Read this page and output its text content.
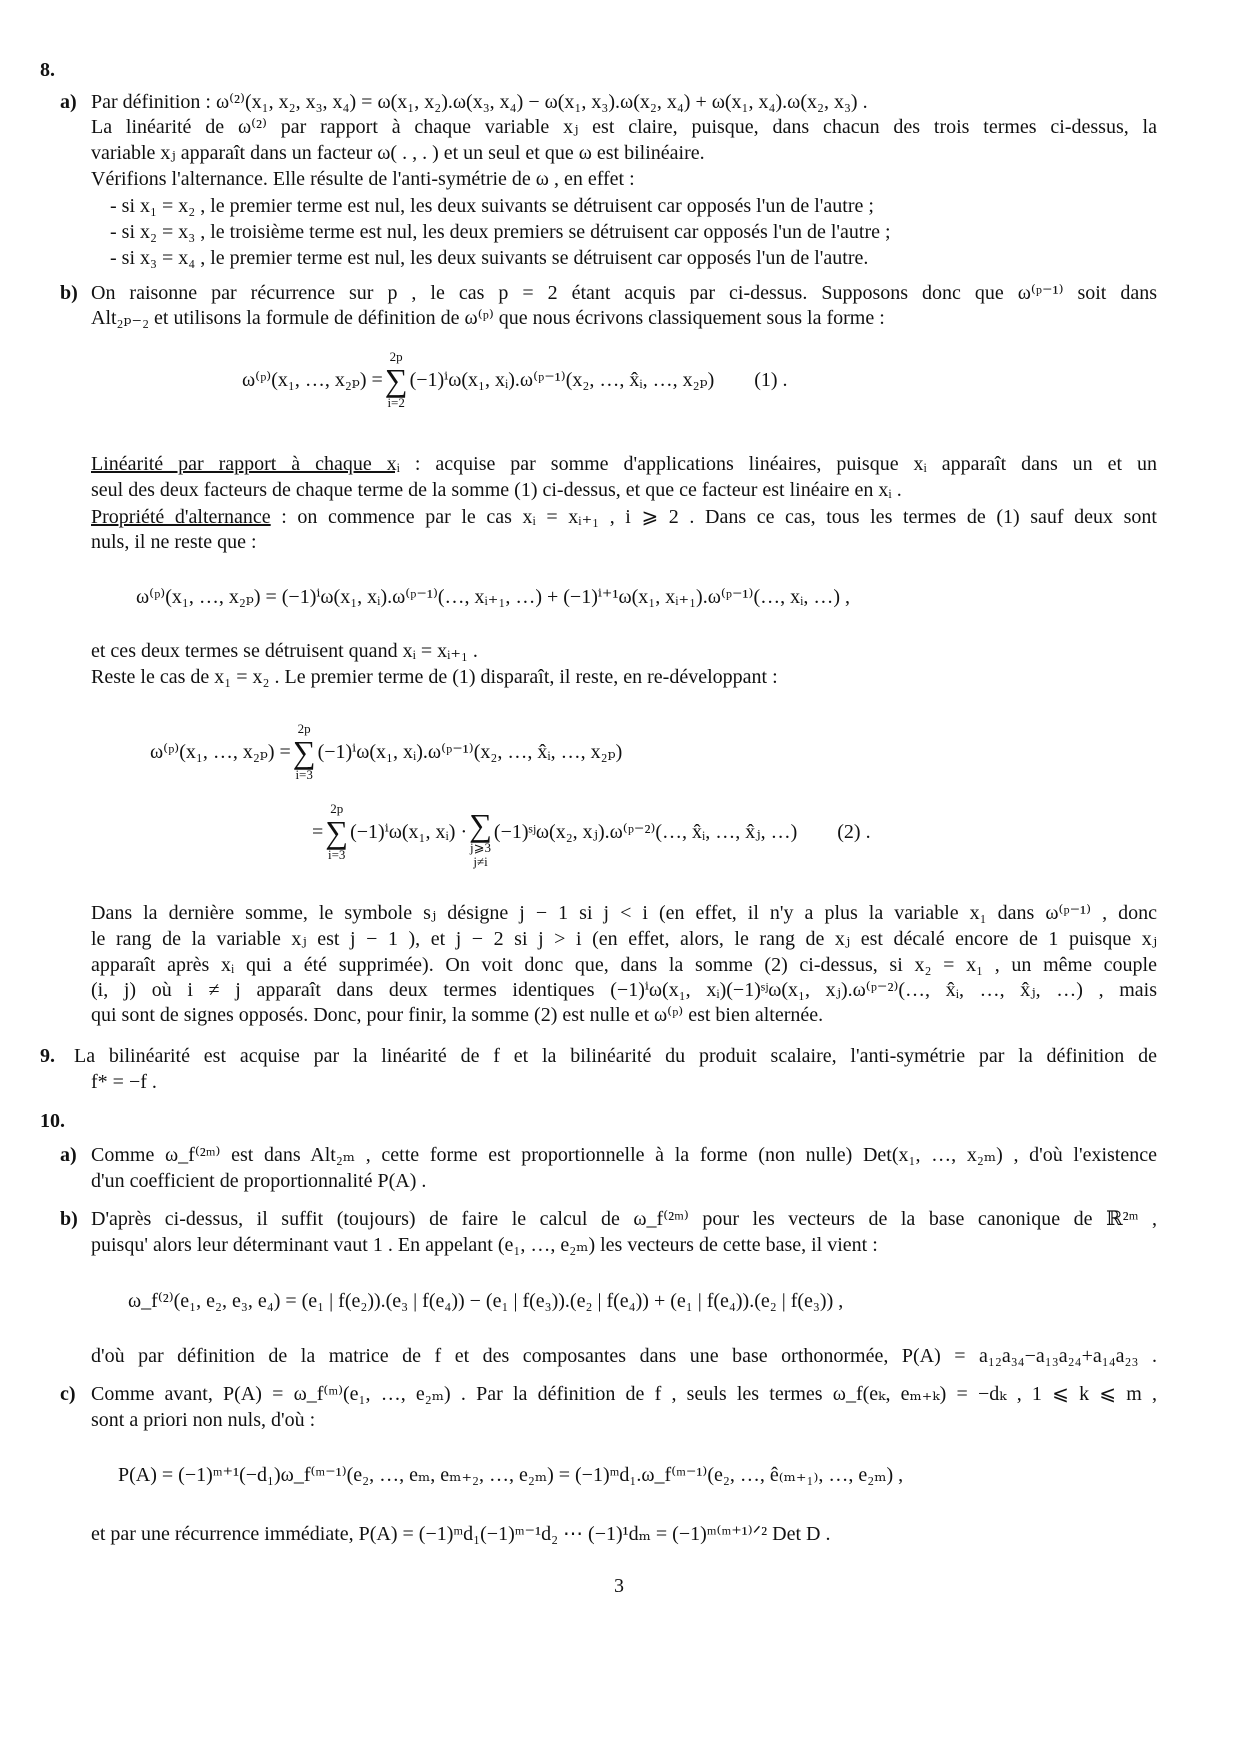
8.
a) Par définition : ω⁽²⁾(x₁, x₂, x₃, x₄) = ω(x₁, x₂).ω(x₃, x₄) − ω(x₁, x₃).ω(x₂, x₄) + ω(x₁, x₄).ω(x₂, x₃) .
La linéarité de ω⁽²⁾ par rapport à chaque variable xⱼ est claire, puisque, dans chacun des trois termes ci-dessus, la
variable xⱼ apparaît dans un facteur ω( . , . ) et un seul et que ω est bilinéaire.
Vérifions l'alternance. Elle résulte de l'anti-symétrie de ω , en effet :
- si x₁ = x₂ , le premier terme est nul, les deux suivants se détruisent car opposés l'un de l'autre ;
- si x₂ = x₃ , le troisième terme est nul, les deux premiers se détruisent car opposés l'un de l'autre ;
- si x₃ = x₄ , le premier terme est nul, les deux suivants se détruisent car opposés l'un de l'autre.
b) On raisonne par récurrence sur p , le cas p = 2 étant acquis par ci-dessus. Supposons donc que ω⁽ᵖ⁻¹⁾ soit dans
Alt₂ₚ₋₂ et utilisons la formule de définition de ω⁽ᵖ⁾ que nous écrivons classiquement sous la forme :
ω⁽ᵖ⁾(x₁, …, x₂ₚ) =
2p
∑
i=2
(−1)ⁱω(x₁, xᵢ).ω⁽ᵖ⁻¹⁾(x₂, …, x̂ᵢ, …, x₂ₚ) (1) .
Linéarité par rapport à chaque xᵢ : acquise par somme d'applications linéaires, puisque xᵢ apparaît dans un et un
seul des deux facteurs de chaque terme de la somme (1) ci-dessus, et que ce facteur est linéaire en xᵢ .
Propriété d'alternance : on commence par le cas xᵢ = xᵢ₊₁ , i ⩾ 2 . Dans ce cas, tous les termes de (1) sauf deux sont
nuls, il ne reste que :
ω⁽ᵖ⁾(x₁, …, x₂ₚ) = (−1)ⁱω(x₁, xᵢ).ω⁽ᵖ⁻¹⁾(…, xᵢ₊₁, …) + (−1)ⁱ⁺¹ω(x₁, xᵢ₊₁).ω⁽ᵖ⁻¹⁾(…, xᵢ, …) ,
et ces deux termes se détruisent quand xᵢ = xᵢ₊₁ .
Reste le cas de x₁ = x₂ . Le premier terme de (1) disparaît, il reste, en re-développant :
ω⁽ᵖ⁾(x₁, …, x₂ₚ) =
2p
∑
i=3
(−1)ⁱω(x₁, xᵢ).ω⁽ᵖ⁻¹⁾(x₂, …, x̂ᵢ, …, x₂ₚ)
=
2p
∑
i=3
(−1)ⁱω(x₁, xᵢ) · ∑
j⩾3
j≠i
(−1)ˢʲω(x₂, xⱼ).ω⁽ᵖ⁻²⁾(…, x̂ᵢ, …, x̂ⱼ, …) (2) .
Dans la dernière somme, le symbole sⱼ désigne j − 1 si j < i (en effet, il n'y a plus la variable x₁ dans ω⁽ᵖ⁻¹⁾ , donc
le rang de la variable xⱼ est j − 1 ), et j − 2 si j > i (en effet, alors, le rang de xⱼ est décalé encore de 1 puisque xⱼ
apparaît après xᵢ qui a été supprimée). On voit donc que, dans la somme (2) ci-dessus, si x₂ = x₁ , un même couple
(i, j) où i ≠ j apparaît dans deux termes identiques (−1)ⁱω(x₁, xᵢ)(−1)ˢʲω(x₁, xⱼ).ω⁽ᵖ⁻²⁾(…, x̂ᵢ, …, x̂ⱼ, …) , mais
qui sont de signes opposés. Donc, pour finir, la somme (2) est nulle et ω⁽ᵖ⁾ est bien alternée.
9. La bilinéarité est acquise par la linéarité de f et la bilinéarité du produit scalaire, l'anti-symétrie par la définition de
f* = −f .
10.
a) Comme ω_f⁽²ᵐ⁾ est dans Alt₂ₘ , cette forme est proportionnelle à la forme (non nulle) Det(x₁, …, x₂ₘ) , d'où l'existence
d'un coefficient de proportionnalité P(A) .
b) D'après ci-dessus, il suffit (toujours) de faire le calcul de ω_f⁽²ᵐ⁾ pour les vecteurs de la base canonique de ℝ²ᵐ ,
puisqu' alors leur déterminant vaut 1 . En appelant (e₁, …, e₂ₘ) les vecteurs de cette base, il vient :
ω_f⁽²⁾(e₁, e₂, e₃, e₄) = (e₁ | f(e₂)).(e₃ | f(e₄)) − (e₁ | f(e₃)).(e₂ | f(e₄)) + (e₁ | f(e₄)).(e₂ | f(e₃)) ,
d'où par définition de la matrice de f et des composantes dans une base orthonormée, P(A) = a₁₂a₃₄−a₁₃a₂₄+a₁₄a₂₃ .
c) Comme avant, P(A) = ω_f⁽ᵐ⁾(e₁, …, e₂ₘ) . Par la définition de f , seuls les termes ω_f(eₖ, eₘ₊ₖ) = −dₖ , 1 ⩽ k ⩽ m ,
sont a priori non nuls, d'où :
P(A) = (−1)ᵐ⁺¹(−d₁)ω_f⁽ᵐ⁻¹⁾(e₂, …, eₘ, eₘ₊₂, …, e₂ₘ) = (−1)ᵐd₁.ω_f⁽ᵐ⁻¹⁾(e₂, …, ê₍ₘ₊₁₎, …, e₂ₘ) ,
et par une récurrence immédiate, P(A) = (−1)ᵐd₁(−1)ᵐ⁻¹d₂ ⋯ (−1)¹dₘ = (−1)ᵐ⁽ᵐ⁺¹⁾ᐟ² Det D .
3
